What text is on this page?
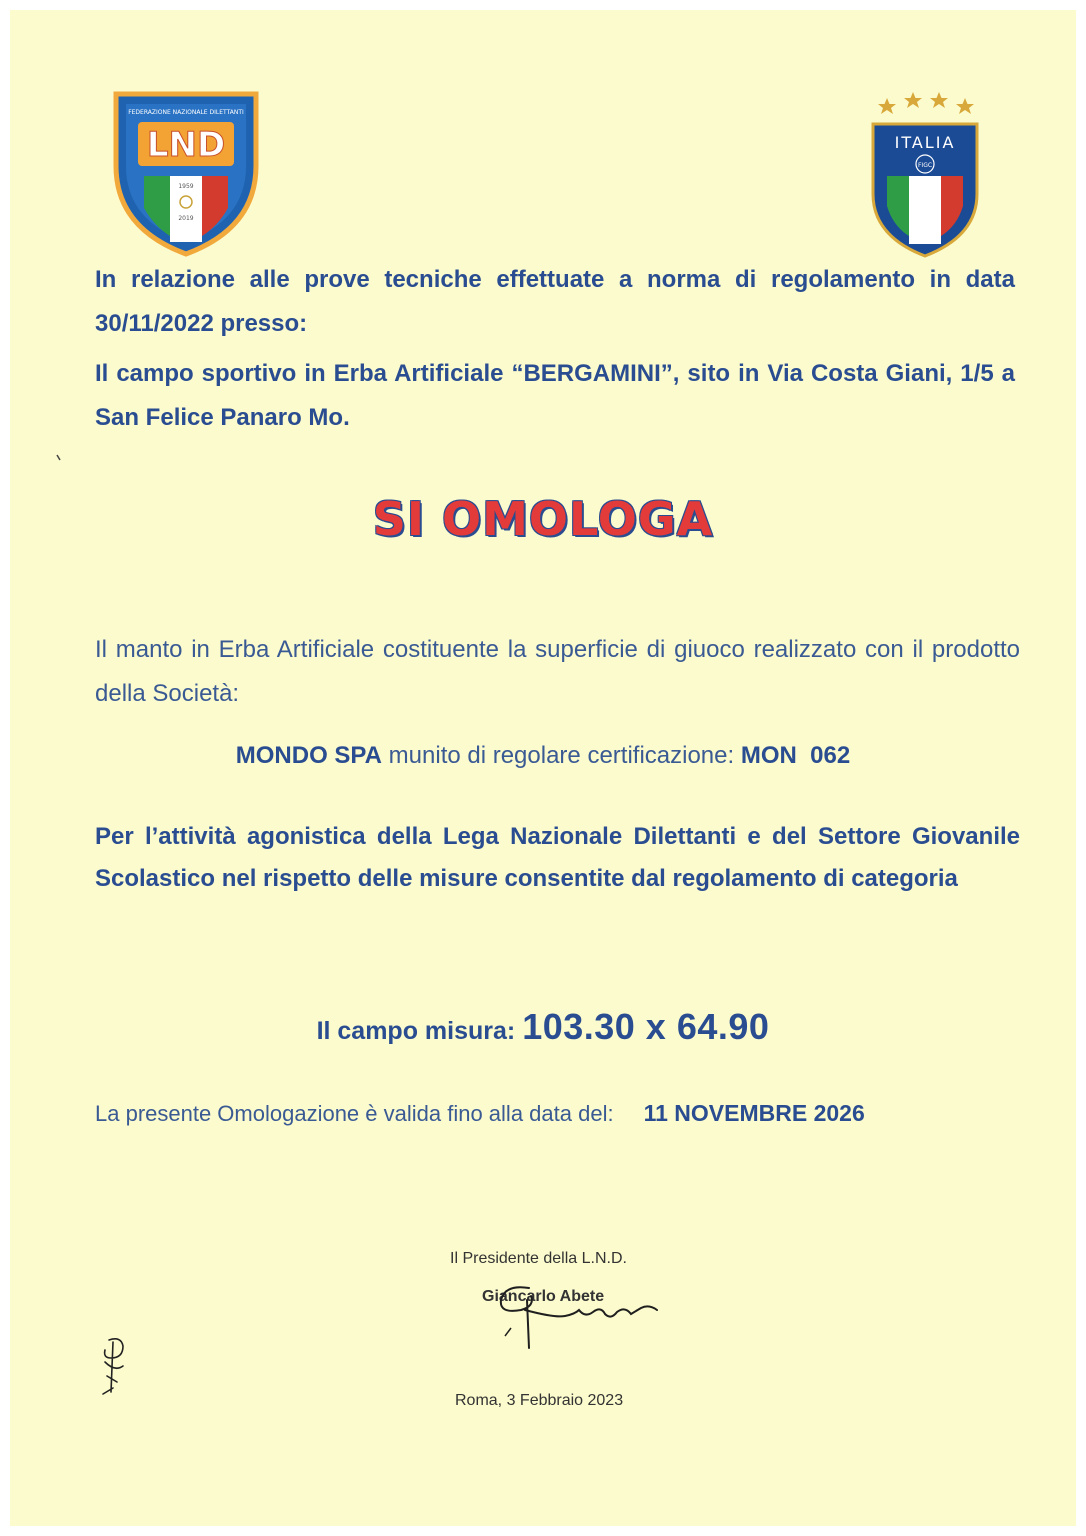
FEDERAZIONE NAZIONALE DILETTANTI
LND
1959
2019
ITALIA
FIGC

In relazione alle prove tecniche effettuate a norma di regolamento in data 30/11/2022 presso:

Il campo sportivo in Erba Artificiale “BERGAMINI”, sito in Via Costa Giani, 1/5 a San Felice Panaro Mo.

SI OMOLOGA

Il manto in Erba Artificiale costituente la superficie di giuoco realizzato con il prodotto della Società:

MONDO SPA munito di regolare certificazione: MON  062

Per l’attività agonistica della Lega Nazionale Dilettanti e del Settore Giovanile Scolastico nel rispetto delle misure consentite dal regolamento di categoria

Il campo misura: 103.30 x 64.90

La presente Omologazione è valida fino alla data del: 11 NOVEMBRE 2026

Il Presidente della L.N.D.

Giancarlo Abete

Roma, 3 Febbraio 2023
